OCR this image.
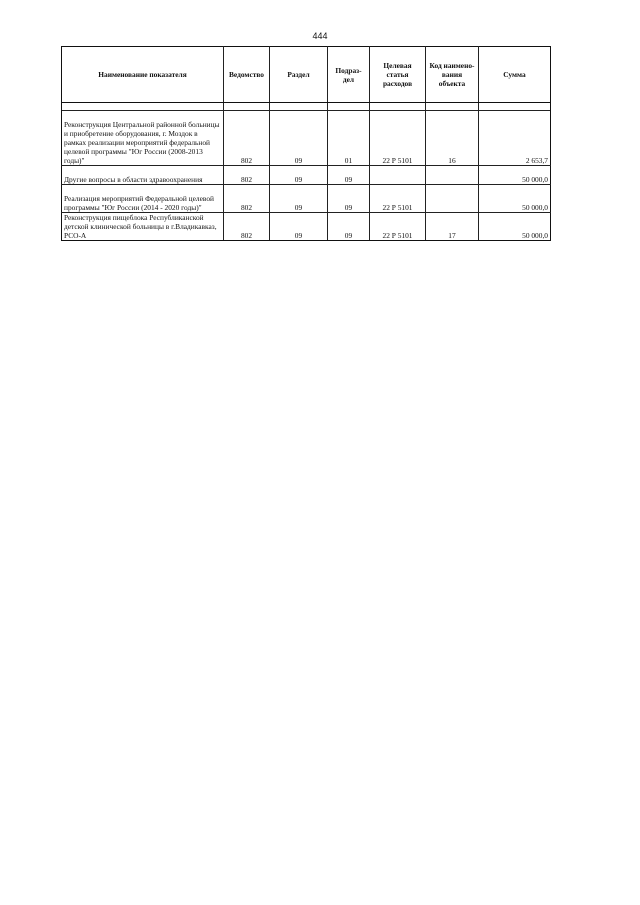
444
Наименование показателя	Ведомство	Раздел	Подраз-дел	Целевая статья расходов	Код наимено-вания объекта	Сумма

Реконструкция Центральной районной больницы и приобретение оборудования, г. Моздок в рамках реализации мероприятий федеральной целевой программы "Юг России (2008-2013 годы)"	802	09	01	22 Р 5101	16	2 653,7
Другие вопросы в области здравоохранения	802	09	09			50 000,0
Реализация мероприятий Федеральной целевой программы "Юг России (2014 - 2020 годы)"	802	09	09	22 Р 5101		50 000,0
Реконструкция пищеблока Республиканской детской клинической больницы в г.Владикавказ, РСО-А	802	09	09	22 Р 5101	17	50 000,0
